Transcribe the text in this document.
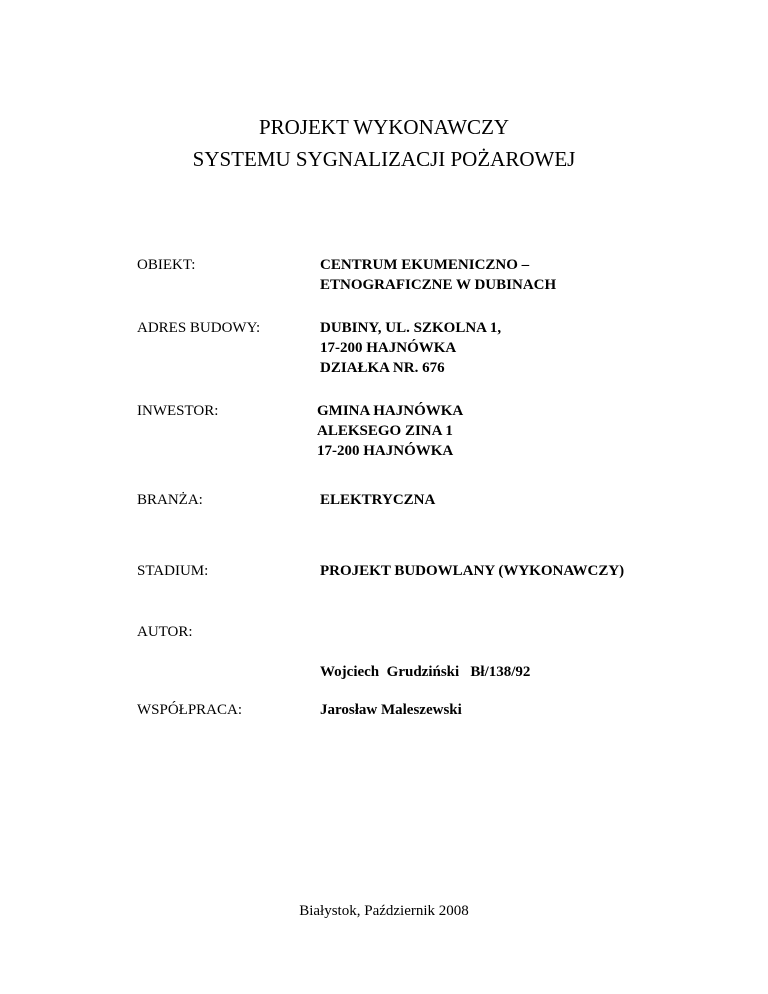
PROJEKT WYKONAWCZY
SYSTEMU SYGNALIZACJI POŻAROWEJ
OBIEKT:	CENTRUM EKUMENICZNO –
ETNOGRAFICZNE W DUBINACH
ADRES BUDOWY:	DUBINY, UL. SZKOLNA 1,
17-200 HAJNÓWKA
DZIAŁKA NR. 676
INWESTOR:	GMINA HAJNÓWKA
ALEKSEGO ZINA 1
17-200 HAJNÓWKA
BRANŻA:	ELEKTRYCZNA
STADIUM:	PROJEKT BUDOWLANY (WYKONAWCZY)
AUTOR:

Wojciech  Grudziński   Bł/138/92

WSPÓŁPRACA:	Jarosław Maleszewski
Białystok, Październik 2008
